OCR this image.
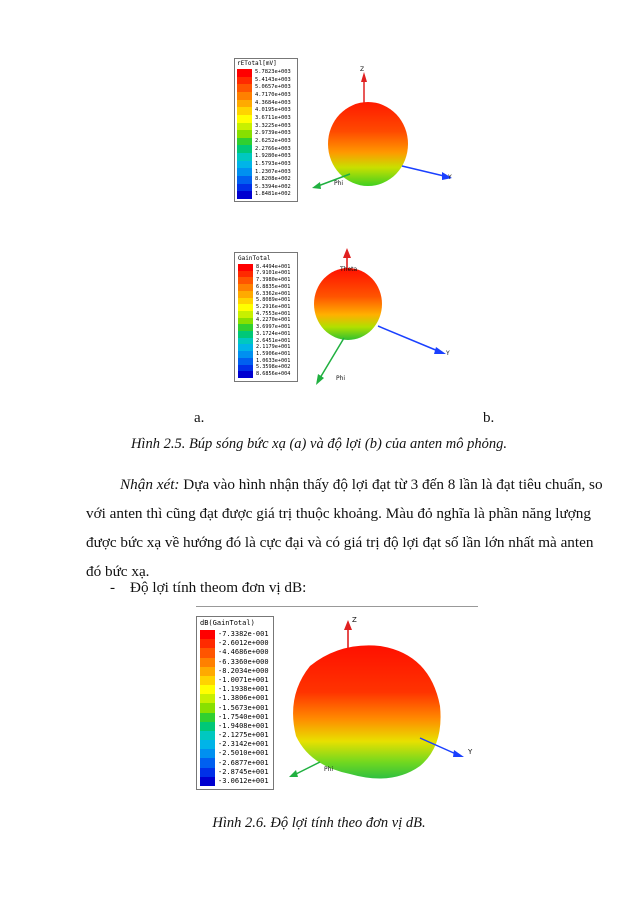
rETotal[mV]
5.7823e+003
5.4143e+003
5.0657e+003
4.7170e+003
4.3684e+003
4.0195e+003
3.6711e+003
3.3225e+003
2.9739e+003
2.6252e+003
2.2766e+003
1.9280e+003
1.5793e+003
1.2307e+003
8.8208e+002
5.3394e+002
1.8481e+002
Z
Y
Phi
GainTotal
8.4494e+001
7.9101e+001
7.3980e+001
6.8835e+001
6.3362e+001
5.8089e+001
5.2916e+001
4.7553e+001
4.2270e+001
3.6997e+001
3.1724e+001
2.6451e+001
2.1179e+001
1.5906e+001
1.0633e+001
5.3598e+002
8.6856e+004
Theta
Y
Phi
a.	b.
Hình 2.5. Búp sóng bức xạ (a) và độ lợi (b) của anten mô phỏng.
Nhận xét: Dựa vào hình nhận thấy độ lợi đạt từ 3 đến 8 lần là đạt tiêu chuẩn, so
với anten thì cũng đạt được giá trị thuộc khoảng. Màu đỏ nghĩa là phần năng lượng
được bức xạ về hướng đó là cực đại và có giá trị độ lợi đạt số lần lớn nhất mà anten
đó bức xạ.
- Độ lợi tính theom đơn vị dB:
dB(GainTotal)
-7.3382e-001
-2.6012e+000
-4.4686e+000
-6.3360e+000
-8.2034e+000
-1.0071e+001
-1.1938e+001
-1.3806e+001
-1.5673e+001
-1.7540e+001
-1.9408e+001
-2.1275e+001
-2.3142e+001
-2.5010e+001
-2.6877e+001
-2.8745e+001
-3.0612e+001
Z
Y
Phi
Hình 2.6. Độ lợi tính theo đơn vị dB.
